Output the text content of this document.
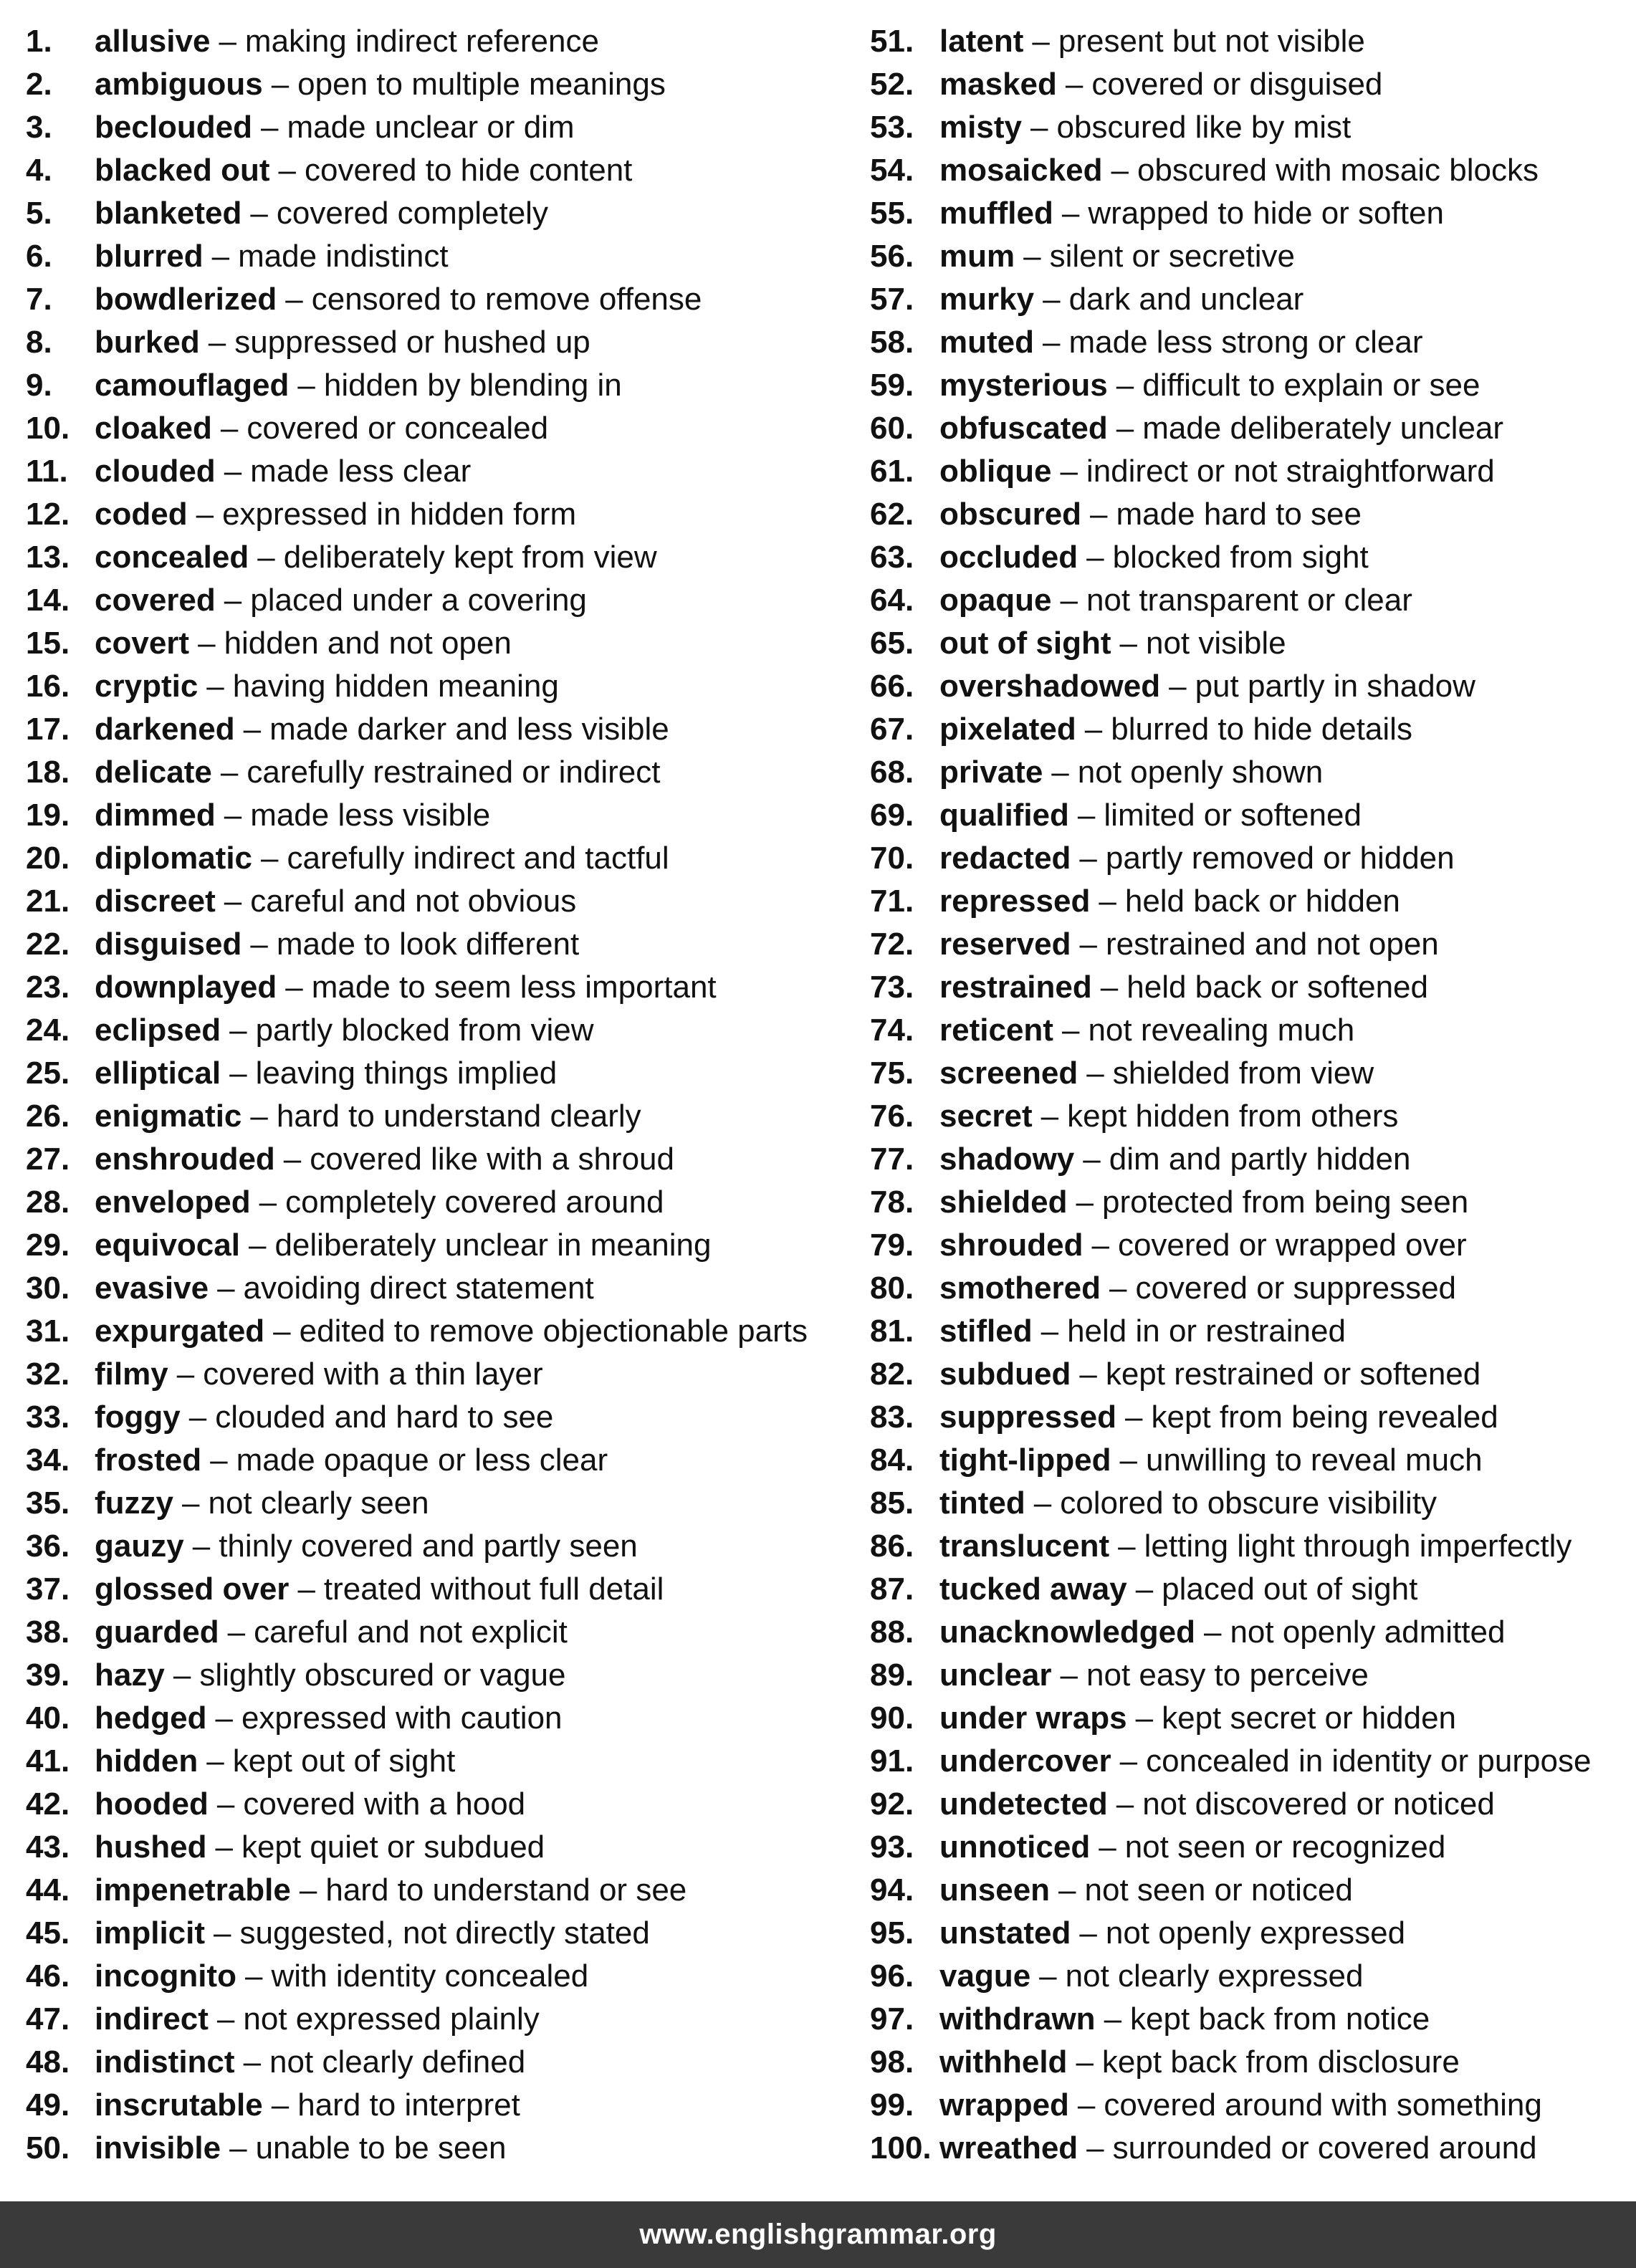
1.	allusive – making indirect reference
2.	ambiguous – open to multiple meanings
3.	beclouded – made unclear or dim
4.	blacked out – covered to hide content
5.	blanketed – covered completely
6.	blurred – made indistinct
7.	bowdlerized – censored to remove offense
8.	burked – suppressed or hushed up
9.	camouflaged – hidden by blending in
10. cloaked – covered or concealed
11. clouded – made less clear
12. coded – expressed in hidden form
13. concealed – deliberately kept from view
14. covered – placed under a covering
15. covert – hidden and not open
16. cryptic – having hidden meaning
17. darkened – made darker and less visible
18. delicate – carefully restrained or indirect
19. dimmed – made less visible
20. diplomatic – carefully indirect and tactful
21. discreet – careful and not obvious
22. disguised – made to look different
23. downplayed – made to seem less important
24. eclipsed – partly blocked from view
25. elliptical – leaving things implied
26. enigmatic – hard to understand clearly
27. enshrouded – covered like with a shroud
28. enveloped – completely covered around
29. equivocal – deliberately unclear in meaning
30. evasive – avoiding direct statement
31. expurgated – edited to remove objectionable parts
32. filmy – covered with a thin layer
33. foggy – clouded and hard to see
34. frosted – made opaque or less clear
35. fuzzy – not clearly seen
36. gauzy – thinly covered and partly seen
37. glossed over – treated without full detail
38. guarded – careful and not explicit
39. hazy – slightly obscured or vague
40. hedged – expressed with caution
41. hidden – kept out of sight
42. hooded – covered with a hood
43. hushed – kept quiet or subdued
44. impenetrable – hard to understand or see
45. implicit – suggested, not directly stated
46. incognito – with identity concealed
47. indirect – not expressed plainly
48. indistinct – not clearly defined
49. inscrutable – hard to interpret
50. invisible – unable to be seen
51. latent – present but not visible
52. masked – covered or disguised
53. misty – obscured like by mist
54. mosaicked – obscured with mosaic blocks
55. muffled – wrapped to hide or soften
56. mum – silent or secretive
57. murky – dark and unclear
58. muted – made less strong or clear
59. mysterious – difficult to explain or see
60. obfuscated – made deliberately unclear
61. oblique – indirect or not straightforward
62. obscured – made hard to see
63. occluded – blocked from sight
64. opaque – not transparent or clear
65. out of sight – not visible
66. overshadowed – put partly in shadow
67. pixelated – blurred to hide details
68. private – not openly shown
69. qualified – limited or softened
70. redacted – partly removed or hidden
71. repressed – held back or hidden
72. reserved – restrained and not open
73. restrained – held back or softened
74. reticent – not revealing much
75. screened – shielded from view
76. secret – kept hidden from others
77. shadowy – dim and partly hidden
78. shielded – protected from being seen
79. shrouded – covered or wrapped over
80. smothered – covered or suppressed
81. stifled – held in or restrained
82. subdued – kept restrained or softened
83. suppressed – kept from being revealed
84. tight-lipped – unwilling to reveal much
85. tinted – colored to obscure visibility
86. translucent – letting light through imperfectly
87. tucked away – placed out of sight
88. unacknowledged – not openly admitted
89. unclear – not easy to perceive
90. under wraps – kept secret or hidden
91. undercover – concealed in identity or purpose
92. undetected – not discovered or noticed
93. unnoticed – not seen or recognized
94. unseen – not seen or noticed
95. unstated – not openly expressed
96. vague – not clearly expressed
97. withdrawn – kept back from notice
98. withheld – kept back from disclosure
99. wrapped – covered around with something
100. wreathed – surrounded or covered around
www.englishgrammar.org
